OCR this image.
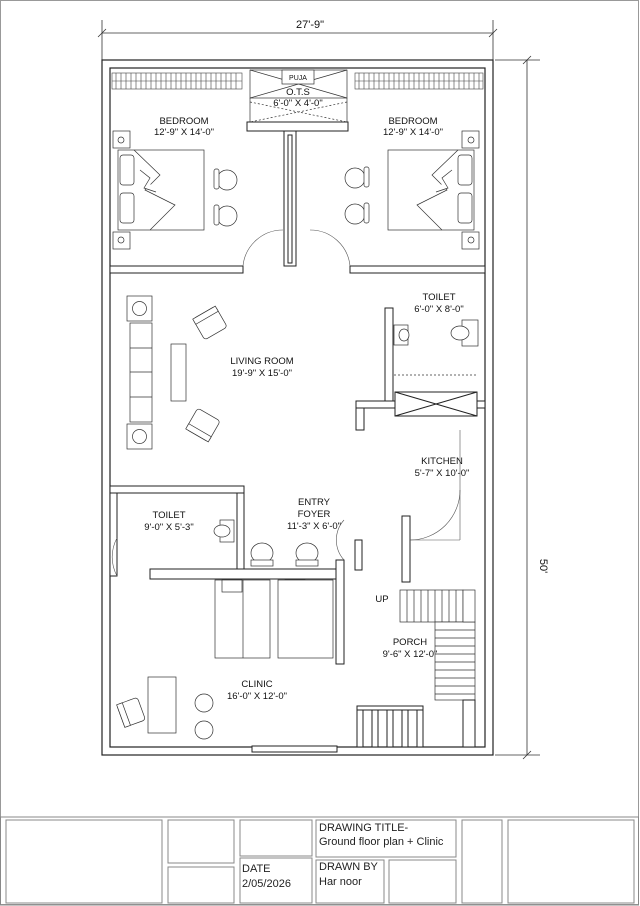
27'-9"
50'
PUJA
O.T.S
6'-0" X 4'-0"
BEDROOM
12'-9" X 14'-0"
BEDROOM
12'-9" X 14'-0"
LIVING ROOM
19'-9" X 15'-0"
TOILET
6'-0" X 8'-0"
KITCHEN
5'-7" X 10'-0"
TOILET
9'-0" X 5'-3"
ENTRY
FOYER
11'-3" X 6'-0"
CLINIC
16'-0" X 12'-0"
UP
PORCH
9'-6" X 12'-0"
DRAWING TITLE-
Ground floor plan + Clinic
DATE
2/05/2026
DRAWN BY
Har noor
